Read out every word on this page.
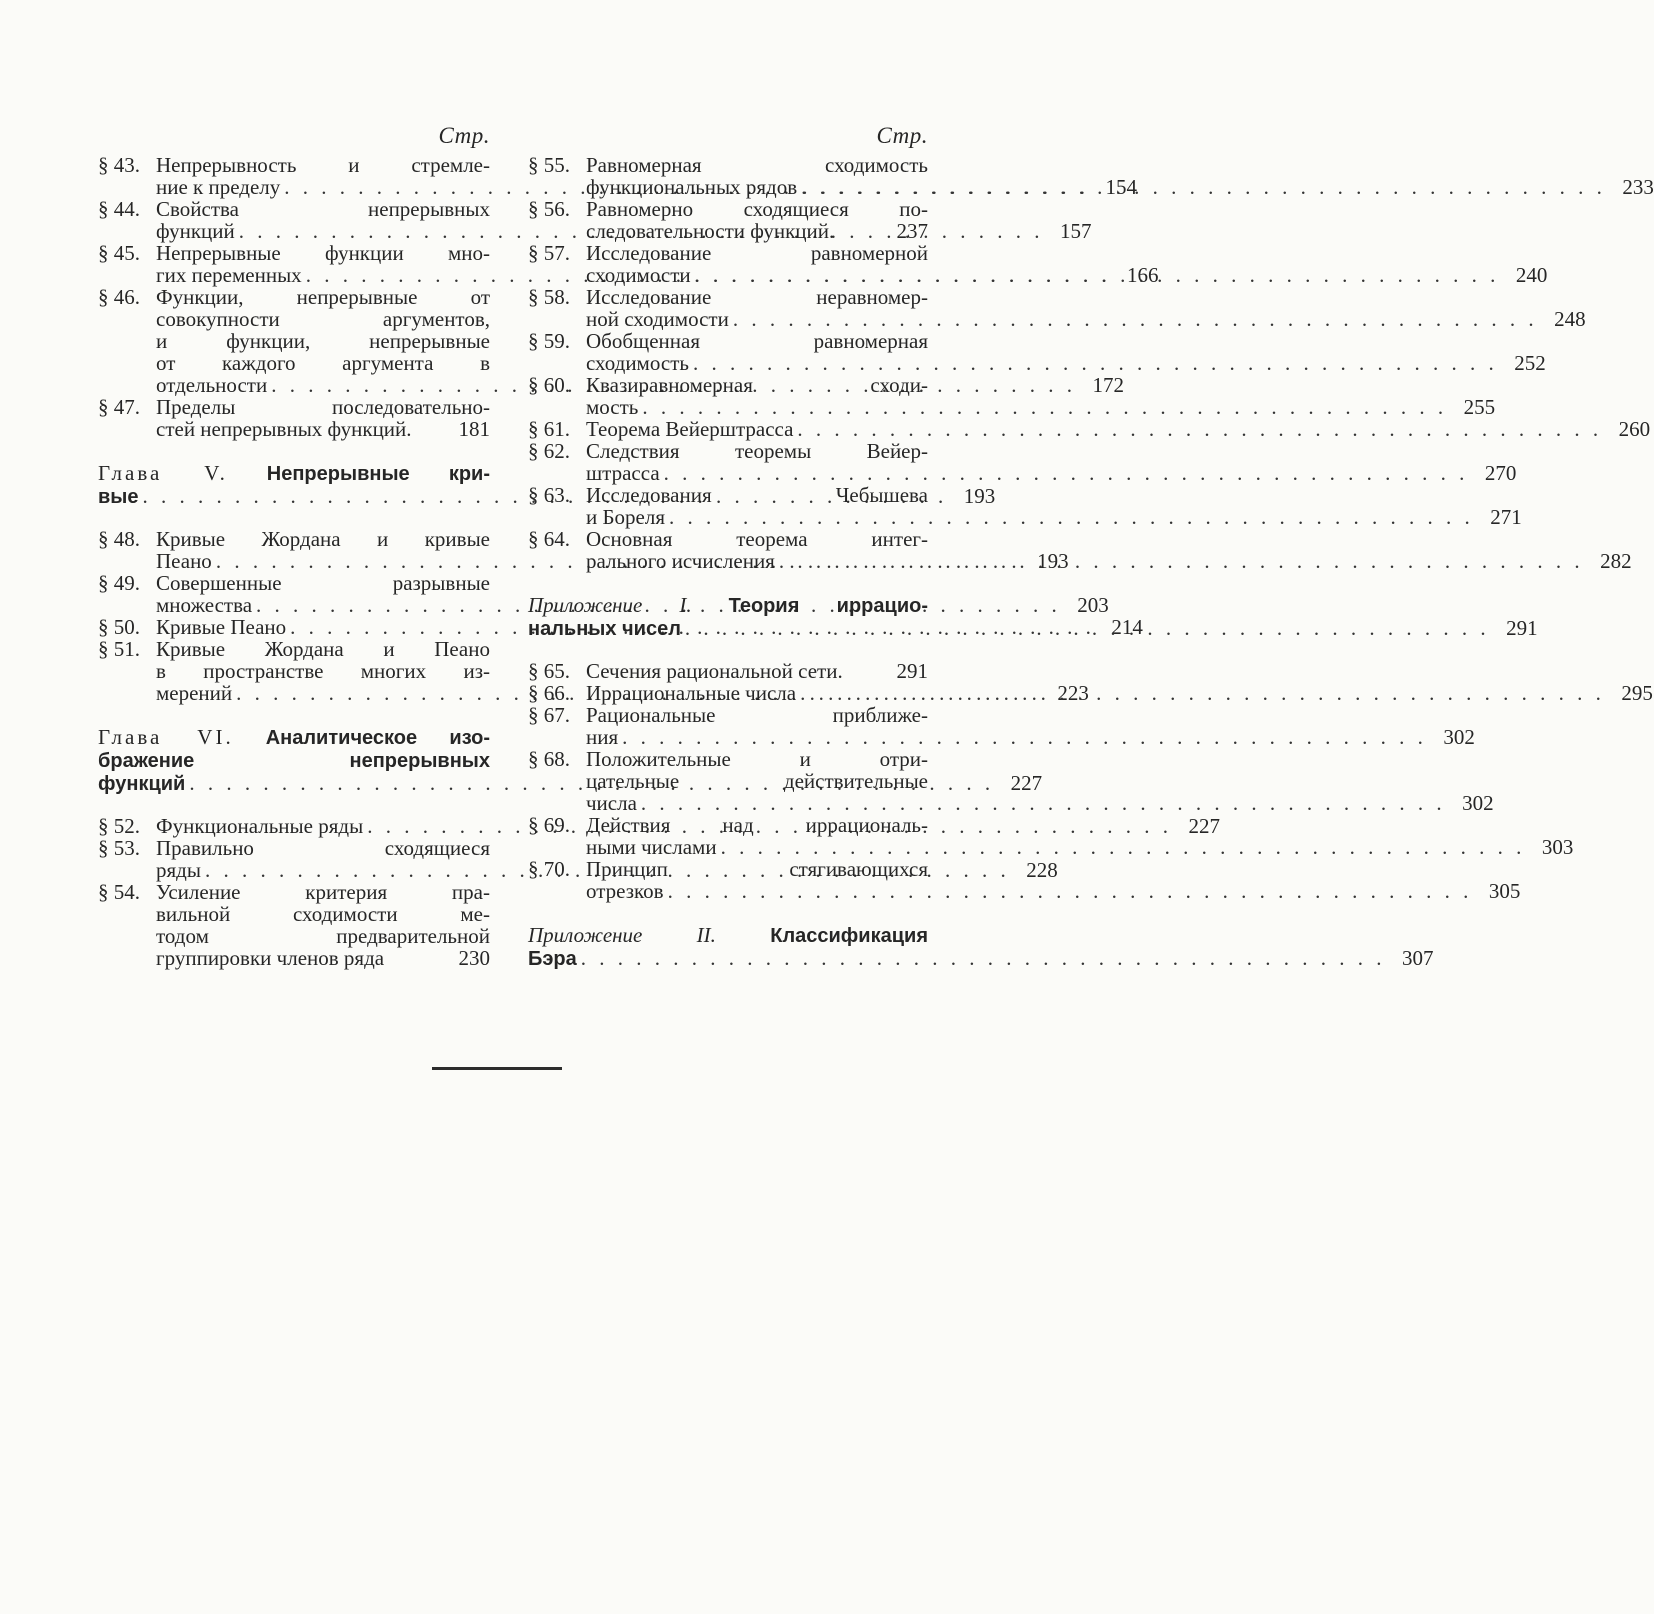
Стр.
§ 43. Непрерывность и стремле-
ние к пределу . . .	154
§ 44. Свойства непрерывных
функций . . .	157
§ 45. Непрерывные функции мно-
гих переменных . . .	166
§ 46. Функции, непрерывные от
совокупности аргументов,
и функции, непрерывные
от каждого аргумента в
отдельности . . .	172
§ 47. Пределы последовательно-
стей непрерывных функций.	181
Глава V. Непрерывные кри-
вые . . .	193
§ 48. Кривые Жордана и кривые
Пеано . . .	193
§ 49. Совершенные разрывные
множества . . .	203
§ 50. Кривые Пеано . . .	214
§ 51. Кривые Жордана и Пеано
в пространстве многих из-
мерений . . .	223
Глава VI. Аналитическое изо-
бражение непрерывных
функций . . .	227
§ 52. Функциональные ряды . . .	227
§ 53. Правильно сходящиеся
ряды . . .	228
§ 54. Усиление критерия пра-
вильной сходимости ме-
тодом предварительной
группировки членов ряда	230
Стр.
§ 55. Равномерная сходимость
функциональных рядов . . .	233
§ 56. Равномерно сходящиеся по-
следовательности функций.	237
§ 57. Исследование равномерной
сходимости . . .	240
§ 58. Исследование неравномер-
ной сходимости . . .	248
§ 59. Обобщенная равномерная
сходимость . . .	252
§ 60. Квазиравномерная сходи-
мость . . .	255
§ 61. Теорема Вейерштрасса . . .	260
§ 62. Следствия теоремы Вейер-
штрасса . . .	270
§ 63. Исследования Чебышева
и Бореля . . .	271
§ 64. Основная теорема интег-
рального исчисления . . .	282
Приложение I. Теория иррацио-
нальных чисел . . .	291
§ 65. Сечения рациональной сети.	291
§ 66. Иррациональные числа . . .	295
§ 67. Рациональные приближе-
ния . . .	302
§ 68. Положительные и отри-
цательные действительные
числа . . .	302
§ 69. Действия над иррациональ-
ными числами . . .	303
§ 70. Принцип стягивающихся
отрезков . . .	305
Приложение II.	Классификация
Бэра . . .	307
